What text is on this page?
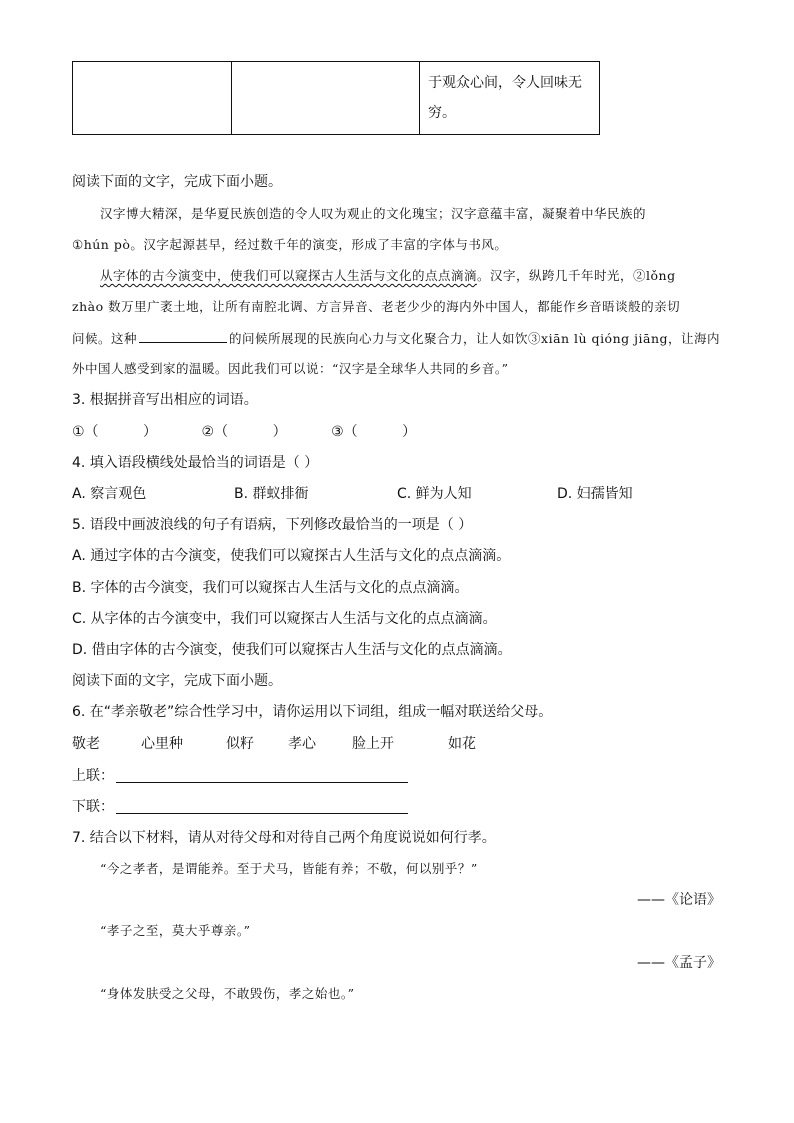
于观众心间，令人回味无
穷。
阅读下面的文字，完成下面小题。
汉字博大精深，是华夏民族创造的令人叹为观止的文化瑰宝；汉字意蕴丰富，凝聚着中华民族的
①hún pò。汉字起源甚早，经过数千年的演变，形成了丰富的字体与书风。
从字体的古今演变中，使我们可以窥探古人生活与文化的点点滴滴。汉字，纵跨几千年时光，②lǒng
zhào 数万里广袤土地，让所有南腔北调、方言异音、老老少少的海内外中国人，都能作乡音晤谈般的亲切
问候。这种	的问候所展现的民族向心力与文化聚合力，让人如饮③xiān lù qióng jiāng，让海内
外中国人感受到家的温暖。因此我们可以说：“汉字是全球华人共同的乡音。”
3. 根据拼音写出相应的词语。
①（          ）          ②（          ）          ③（          ）
4. 填入语段横线处最恰当的词语是（ ）
A. 察言观色	B. 群蚁排衙	C. 鲜为人知	D. 妇孺皆知
5. 语段中画波浪线的句子有语病，下列修改最恰当的一项是（ ）
A. 通过字体的古今演变，使我们可以窥探古人生活与文化的点点滴滴。
B. 字体的古今演变，我们可以窥探古人生活与文化的点点滴滴。
C. 从字体的古今演变中，我们可以窥探古人生活与文化的点点滴滴。
D. 借由字体的古今演变，使我们可以窥探古人生活与文化的点点滴滴。
阅读下面的文字，完成下面小题。
6. 在“孝亲敬老”综合性学习中，请你运用以下词组，组成一幅对联送给父母。
敬老	心里种	似籽 孝心	脸上开	如花
上联：
下联：
7. 结合以下材料，请从对待父母和对待自己两个角度说说如何行孝。
“今之孝者，是谓能养。至于犬马，皆能有养；不敬，何以别乎？”
——《论语》
“孝子之至，莫大乎尊亲。”
——《孟子》
“身体发肤受之父母，不敢毁伤，孝之始也。”
